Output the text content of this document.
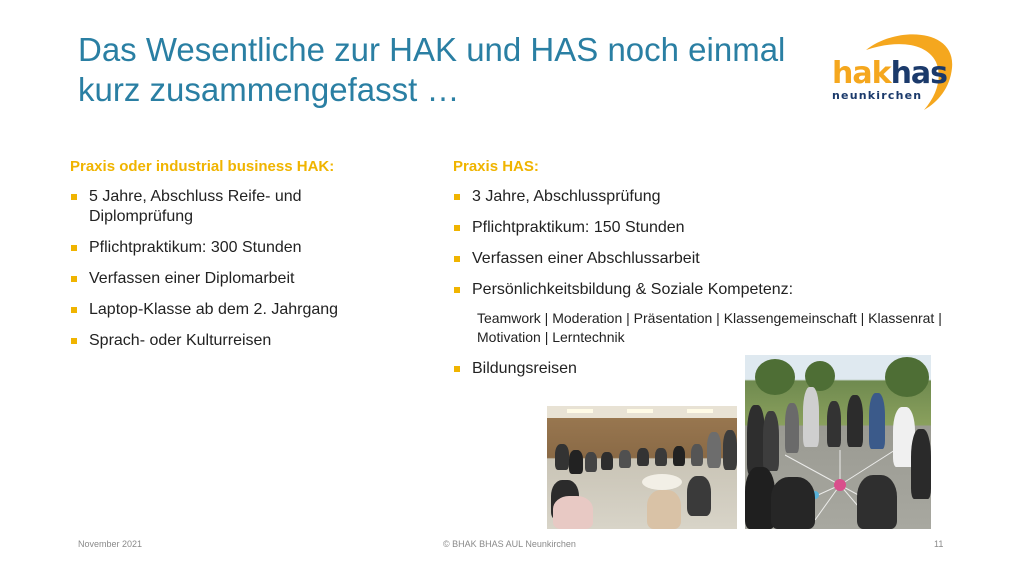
Das Wesentliche zur HAK und HAS noch einmal
kurz zusammengefasst …	hakhas
neunkirchen
Praxis oder industrial business HAK:
5 Jahre, Abschluss Reife- und Diplomprüfung
Pflichtpraktikum: 300 Stunden
Verfassen einer Diplomarbeit
Laptop-Klasse ab dem 2. Jahrgang
Sprach- oder Kulturreisen
Praxis HAS:
3 Jahre, Abschlussprüfung
Pflichtpraktikum: 150 Stunden
Verfassen einer Abschlussarbeit
Persönlichkeitsbildung & Soziale Kompetenz:
Teamwork | Moderation | Präsentation | Klassengemeinschaft | Klassenrat | Motivation | Lerntechnik
Bildungsreisen
November 2021	© BHAK BHAS AUL Neunkirchen	11
